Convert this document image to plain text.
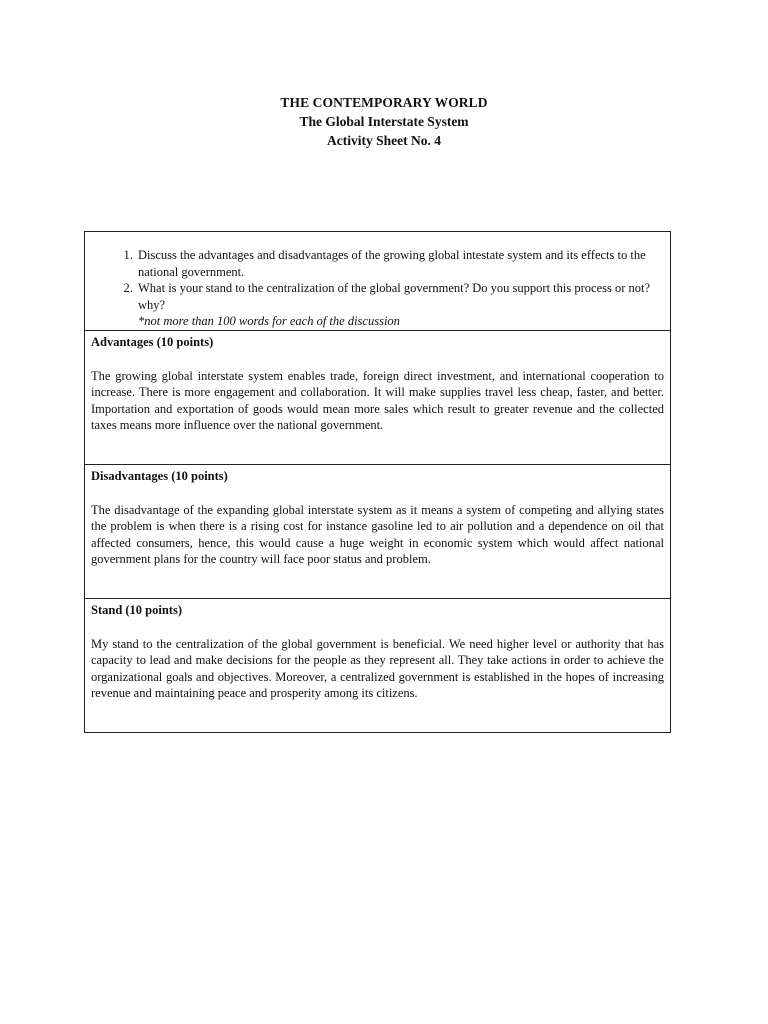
THE CONTEMPORARY WORLD
The Global Interstate System
Activity Sheet No. 4
1. Discuss the advantages and disadvantages of the growing global intestate system and its effects to the national government.
2. What is your stand to the centralization of the global government? Do you support this process or not? why?
*not more than 100 words for each of the discussion

Advantages (10 points)

The growing global interstate system enables trade, foreign direct investment, and international cooperation to increase. There is more engagement and collaboration. It will make supplies travel less cheap, faster, and better. Importation and exportation of goods would mean more sales which result to greater revenue and the collected taxes means more influence over the national government.

Disadvantages (10 points)

The disadvantage of the expanding global interstate system as it means a system of competing and allying states the problem is when there is a rising cost for instance gasoline led to air pollution and a dependence on oil that affected consumers, hence, this would cause a huge weight in economic system which would affect national government plans for the country will face poor status and problem.

Stand (10 points)

My stand to the centralization of the global government is beneficial. We need higher level or authority that has capacity to lead and make decisions for the people as they represent all. They take actions in order to achieve the organizational goals and objectives. Moreover, a centralized government is established in the hopes of increasing revenue and maintaining peace and prosperity among its citizens.
